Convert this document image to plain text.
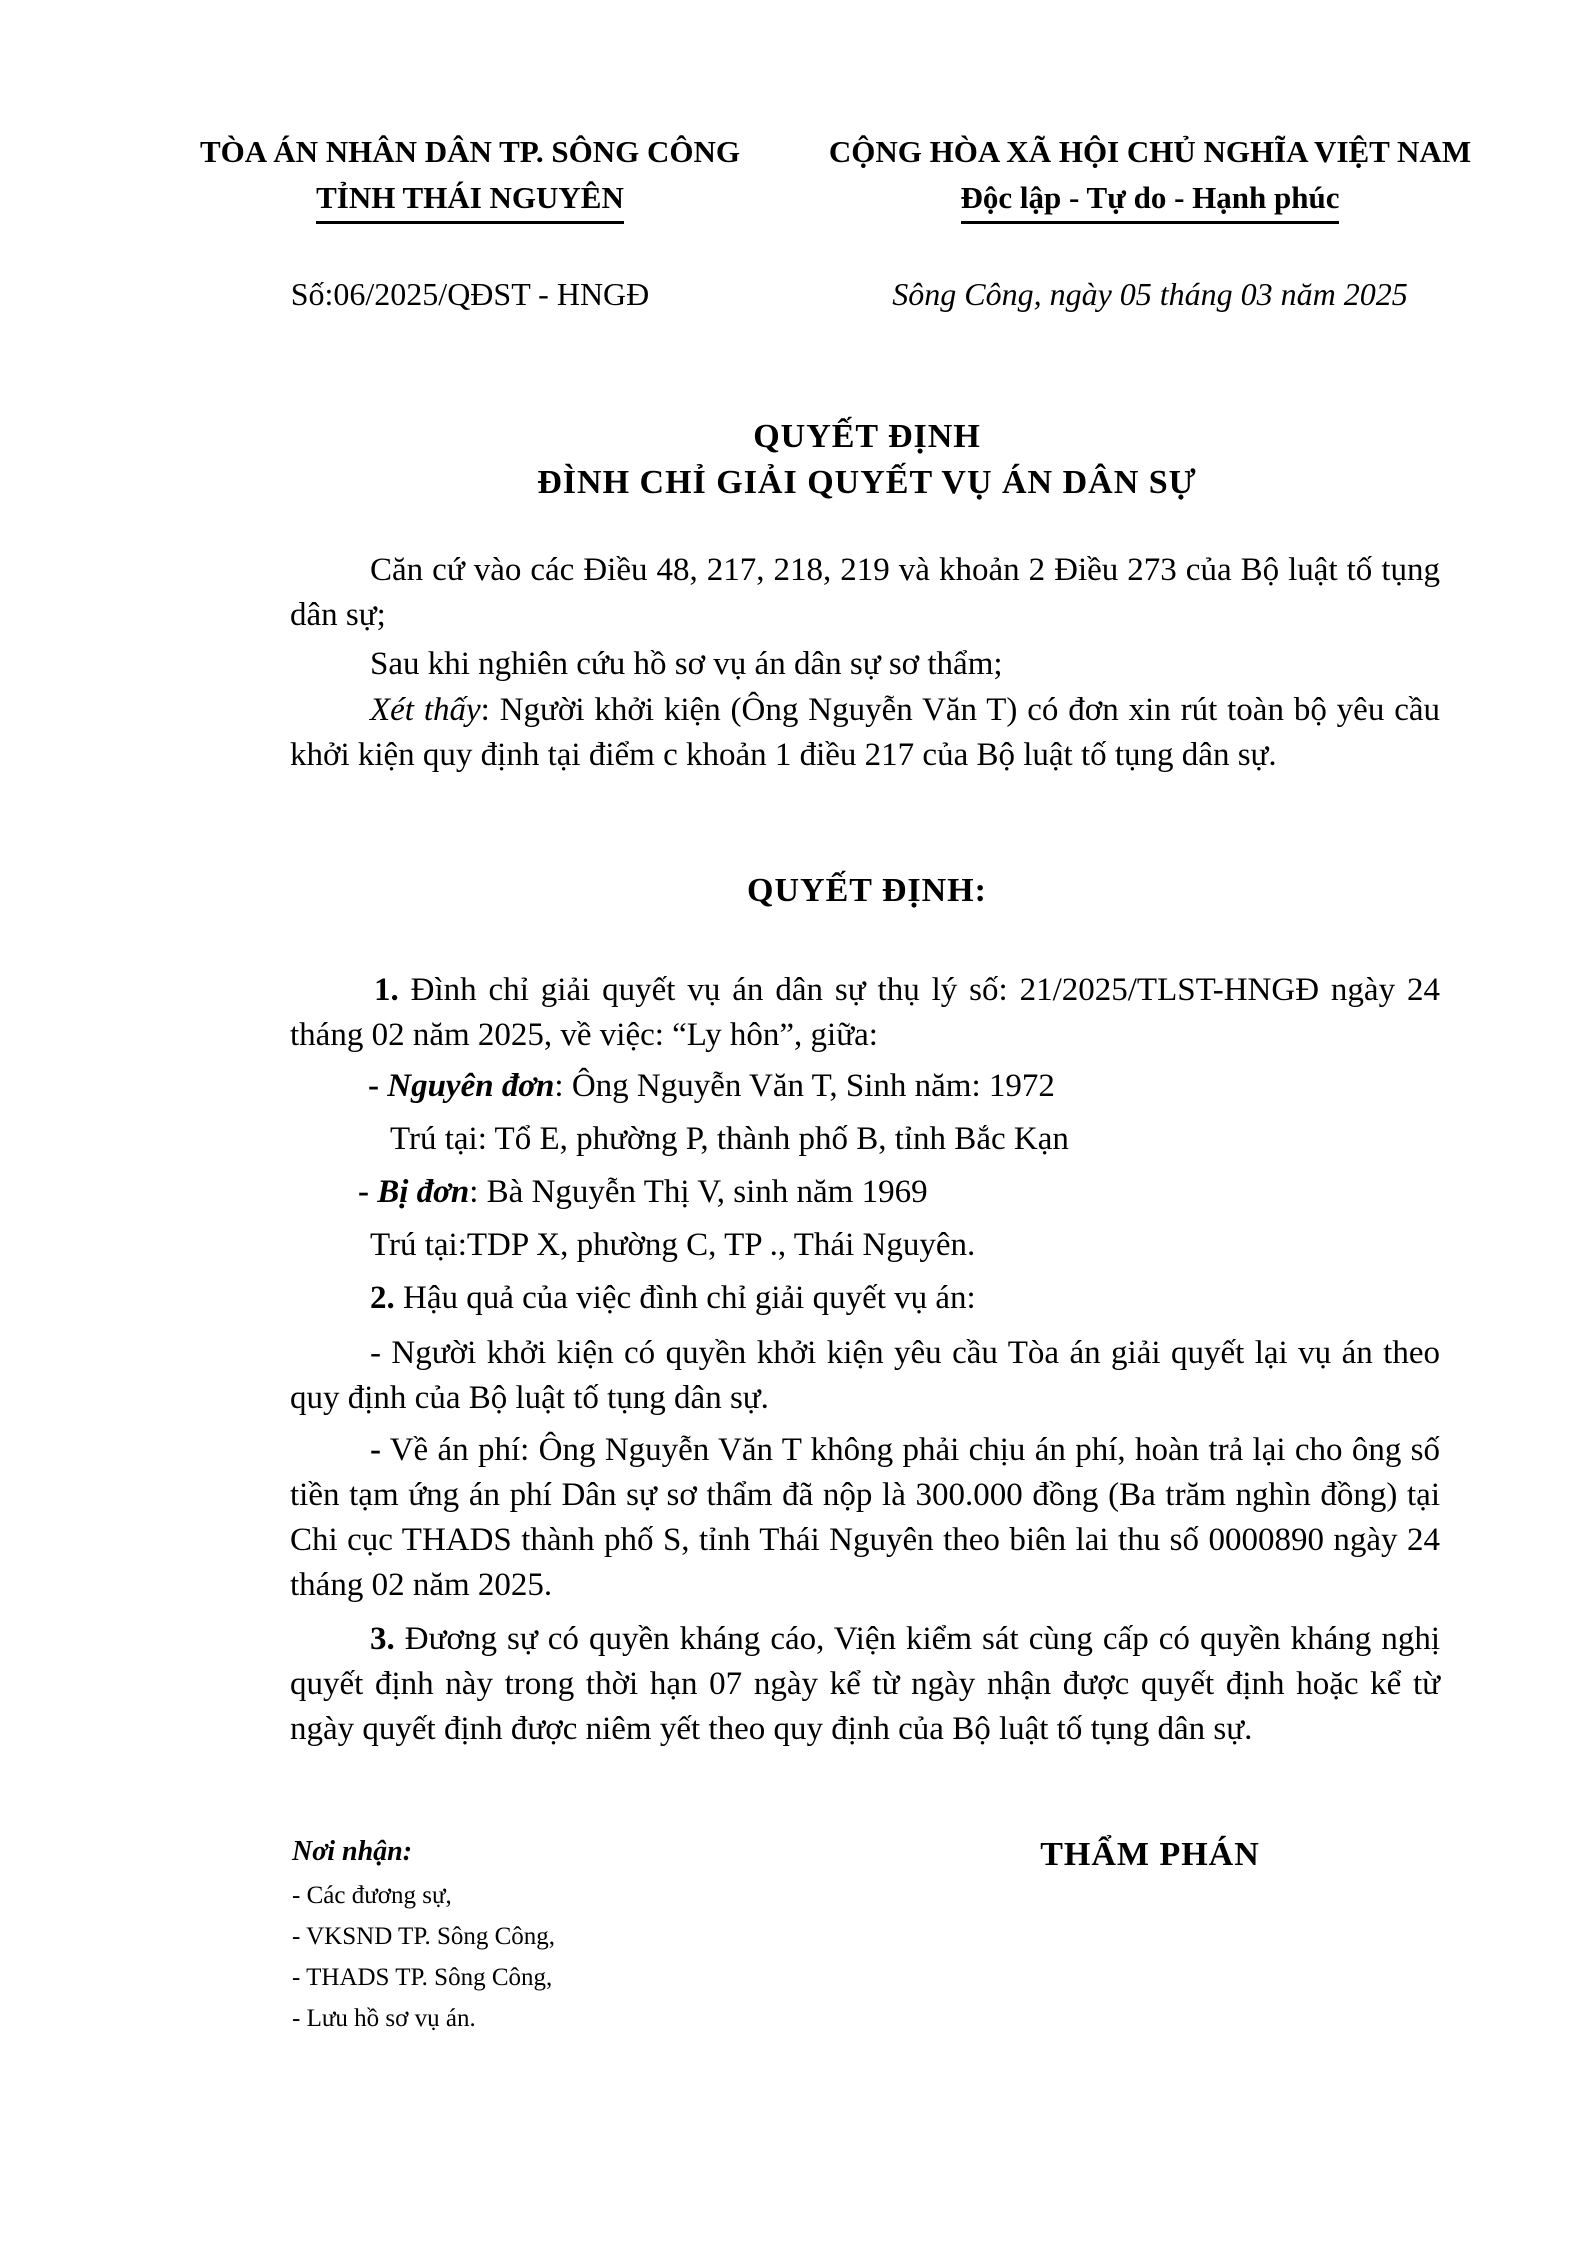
TÒA ÁN NHÂN DÂN TP. SÔNG CÔNG
TỈNH THÁI NGUYÊN
CỘNG HÒA XÃ HỘI CHỦ NGHĨA VIỆT NAM
Độc lập - Tự do - Hạnh phúc
Số:06/2025/QĐST - HNGĐ	Sông Công, ngày 05 tháng 03 năm 2025
QUYẾT ĐỊNH
ĐÌNH CHỈ GIẢI QUYẾT VỤ ÁN DÂN SỰ
Căn cứ vào các Điều 48, 217, 218, 219 và khoản 2 Điều 273 của Bộ luật tố tụng dân sự;
Sau khi nghiên cứu hồ sơ vụ án dân sự sơ thẩm;
Xét thấy: Người khởi kiện (Ông Nguyễn Văn T) có đơn xin rút toàn bộ yêu cầu khởi kiện quy định tại điểm c khoản 1 điều 217 của Bộ luật tố tụng dân sự.
QUYẾT ĐỊNH:
1. Đình chỉ giải quyết vụ án dân sự thụ lý số: 21/2025/TLST-HNGĐ ngày 24 tháng 02 năm 2025, về việc: “Ly hôn”, giữa:
- Nguyên đơn: Ông Nguyễn Văn T, Sinh năm: 1972
Trú tại: Tổ E, phường P, thành phố B, tỉnh Bắc Kạn
- Bị đơn: Bà Nguyễn Thị V, sinh năm 1969
Trú tại:TDP X, phường C, TP ., Thái Nguyên.
2. Hậu quả của việc đình chỉ giải quyết vụ án:
- Người khởi kiện có quyền khởi kiện yêu cầu Tòa án giải quyết lại vụ án theo quy định của Bộ luật tố tụng dân sự.
- Về án phí: Ông Nguyễn Văn T không phải chịu án phí, hoàn trả lại cho ông số tiền tạm ứng án phí Dân sự sơ thẩm đã nộp là 300.000 đồng (Ba trăm nghìn đồng) tại Chi cục THADS thành phố S, tỉnh Thái Nguyên theo biên lai thu số 0000890 ngày 24 tháng 02 năm 2025.
3. Đương sự có quyền kháng cáo, Viện kiểm sát cùng cấp có quyền kháng nghị quyết định này trong thời hạn 07 ngày kể từ ngày nhận được quyết định hoặc kể từ ngày quyết định được niêm yết theo quy định của Bộ luật tố tụng dân sự.
Nơi nhận:
- Các đương sự,
- VKSND TP. Sông Công,
- THADS TP. Sông Công,
- Lưu hồ sơ vụ án.
THẨM PHÁN
